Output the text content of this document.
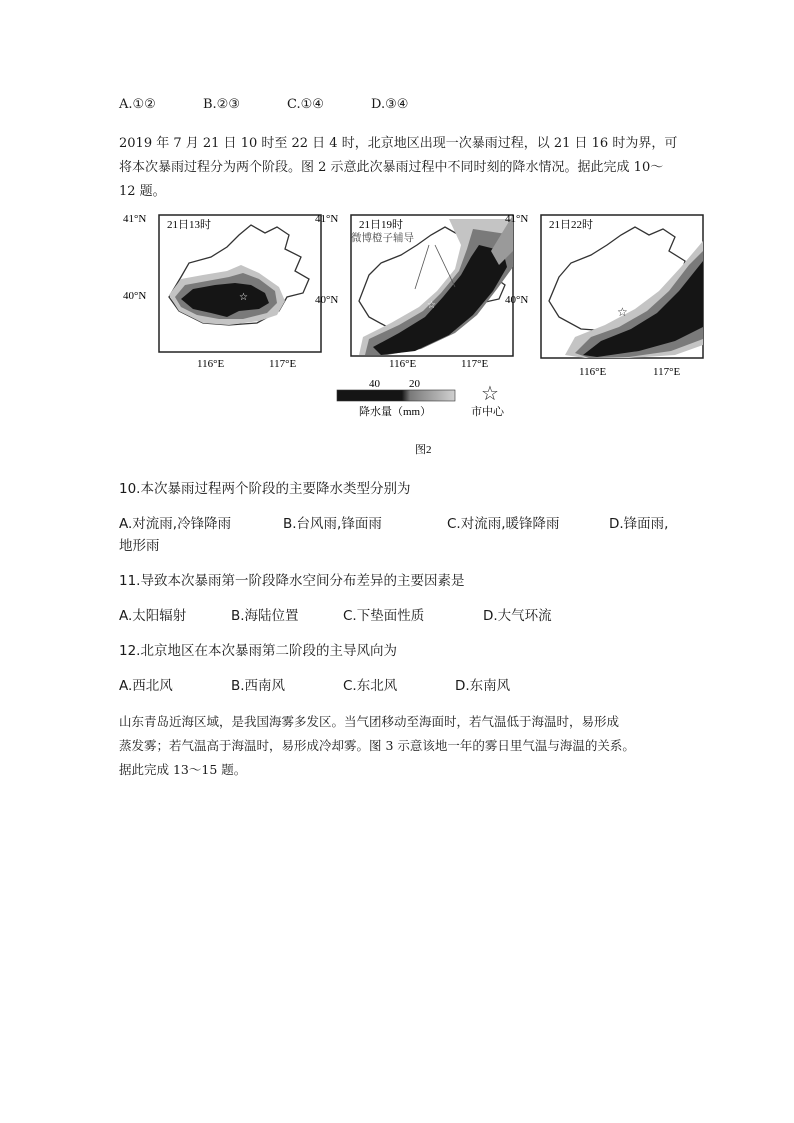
A.①②	B.②③	C.①④	D.③④
2019 年 7 月 21 日 10 时至 22 日 4 时，北京地区出现一次暴雨过程，以 21 日 16 时为界，可
将本次暴雨过程分为两个阶段。图 2 示意此次暴雨过程中不同时刻的降水情况。据此完成 10～
12 题。
☆
41°N
40°N
116°E	117°E
21日13时
☆
41°N
40°N
116°E	117°E
21日19时
微博橙子辅导
☆
41°N
40°N
116°E	117°E
21日22时
40	20
降水量（mm）
☆
市中心
图2
10.本次暴雨过程两个阶段的主要降水类型分别为
A.对流雨,冷锋降雨	B.台风雨,锋面雨	C.对流雨,暖锋降雨	D.锋面雨,
地形雨
11.导致本次暴雨第一阶段降水空间分布差异的主要因素是
A.太阳辐射	B.海陆位置	C.下垫面性质	D.大气环流
12.北京地区在本次暴雨第二阶段的主导风向为
A.西北风	B.西南风	C.东北风	D.东南风
山东青岛近海区域，是我国海雾多发区。当气团移动至海面时，若气温低于海温时，易形成
蒸发雾；若气温高于海温时，易形成冷却雾。图 3 示意该地一年的雾日里气温与海温的关系。
据此完成 13～15 题。
